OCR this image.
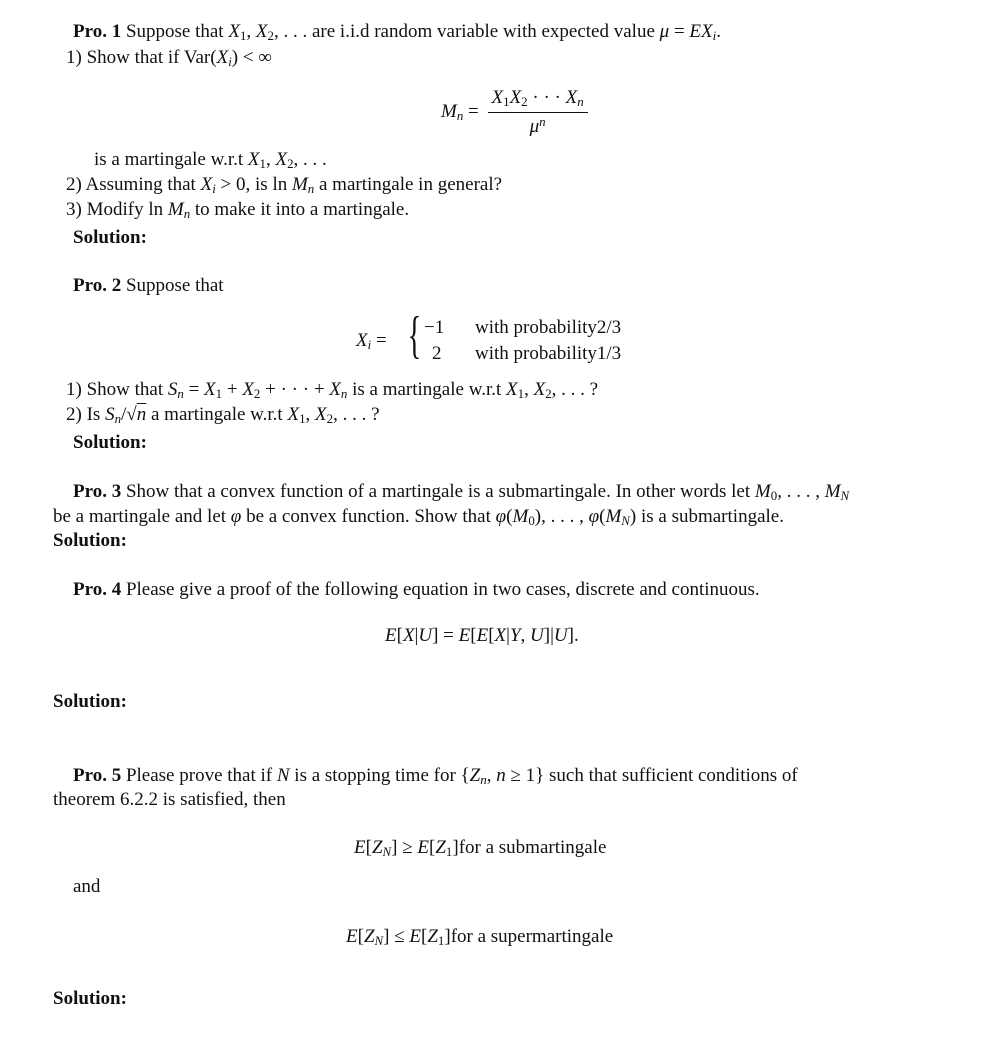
Pro. 1 Suppose that $X_1$, $X_2$, . . . are i.i.d random variable with expected value $\mu = EX_i$.
1) Show that if $Var(X_i)$ < ∞
$M_n = \frac{X_1X_2 \cdot \cdot \cdot X_n}{\mu^n}$
is a martingale w.r.t $X_1$, $X_2$, . . .
2) Assuming that $X_i > 0$, is $\ln M_n$ a martingale in general?
3) Modify $\ln M_n$ to make it into a martingale.
Solution:
Pro. 2 Suppose that
$X_i$ = { −1 with probability2/3
2 with probability1/3
1) Show that $S_n = X_1 + X_2$ + · · · + $X_n$ is a martingale w.r.t $X_1$, $X_2$, . . . ?
2) Is $S_n/√n$ a martingale w.r.t $X_1$, $X_2$, . . . ?
Solution:
Pro. 3 Show that a convex function of a martingale is a submartingale. In other words let $M_0$, . . . , $M_N$
be a martingale and let φ be a convex function. Show that $\varphi(M_0)$, . . . , $\varphi(M_N)$ is a submartingale.
Solution:
Pro. 4 Please give a proof of the following equation in two cases, discrete and continuous.
E[X|U] = E[E[X|Y, U]|U].
Solution:
Pro. 5 Please prove that if N is a stopping time for {$Z_n$, n ≥ 1} such that sufficient conditions of
theorem 6.2.2 is satisfied, then
$E[Z_N] \ge E[Z_1]for$ a submartingale
and
$E[Z_N] \le E[Z_1]for$ a supermartingale
Solution:
